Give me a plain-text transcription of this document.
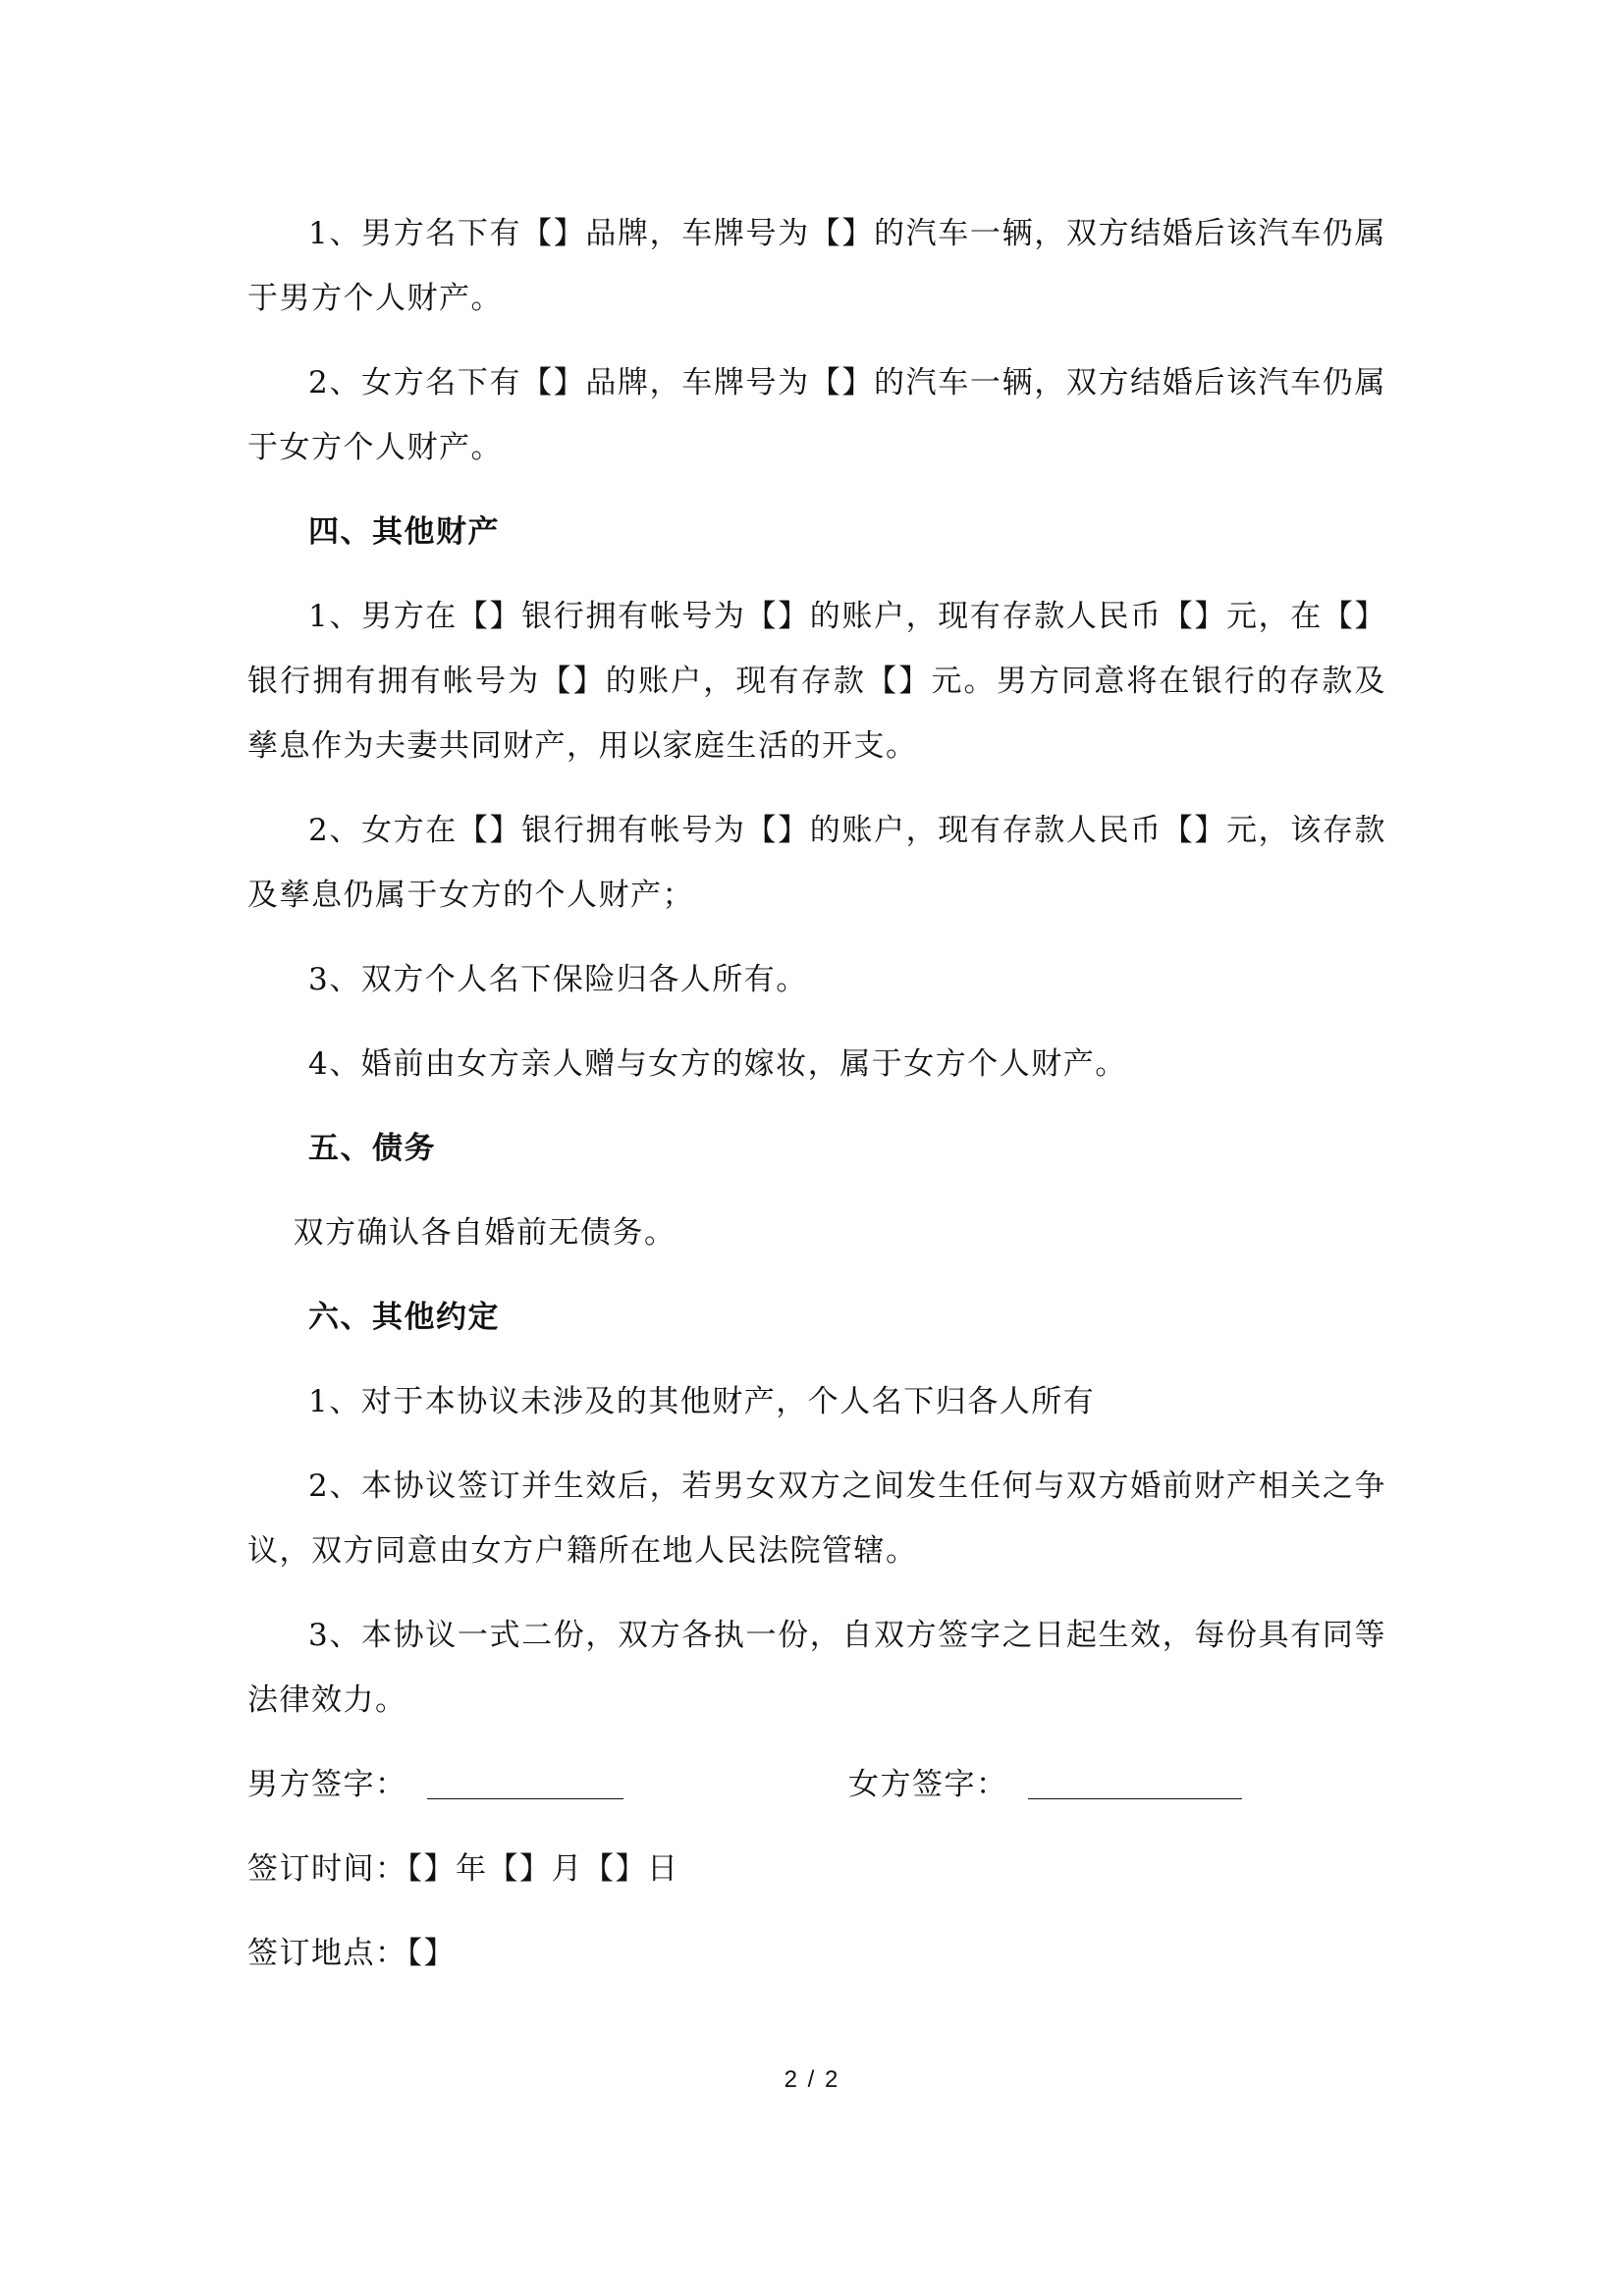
1、男方名下有【】品牌，车牌号为【】的汽车一辆，双方结婚后该汽车仍属于男方个人财产。

2、女方名下有【】品牌，车牌号为【】的汽车一辆，双方结婚后该汽车仍属于女方个人财产。

四、其他财产

1、男方在【】银行拥有帐号为【】的账户，现有存款人民币【】元，在【】银行拥有拥有帐号为【】的账户，现有存款【】元。男方同意将在银行的存款及孳息作为夫妻共同财产，用以家庭生活的开支。

2、女方在【】银行拥有帐号为【】的账户，现有存款人民币【】元，该存款及孳息仍属于女方的个人财产；

3、双方个人名下保险归各人所有。

4、婚前由女方亲人赠与女方的嫁妆，属于女方个人财产。

五、债务

双方确认各自婚前无债务。

六、其他约定

1、对于本协议未涉及的其他财产，个人名下归各人所有

2、本协议签订并生效后，若男女双方之间发生任何与双方婚前财产相关之争议，双方同意由女方户籍所在地人民法院管辖。

3、本协议一式二份，双方各执一份，自双方签字之日起生效，每份具有同等法律效力。

男方签字：	女方签字：

签订时间：【】年【】月【】日

签订地点：【】

2 / 2
